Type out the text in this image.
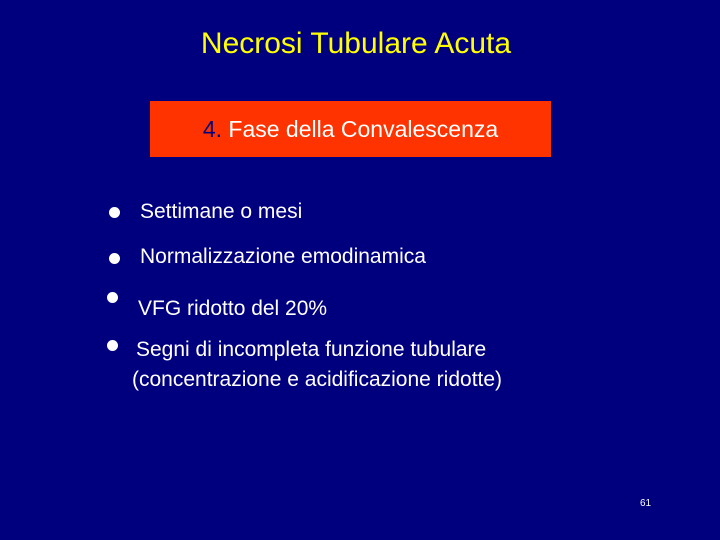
Necrosi Tubulare Acuta
4.
Fase della Convalescenza
Settimane o mesi
Normalizzazione emodinamica
VFG ridotto del 20%
Segni di incompleta funzione tubulare
(concentrazione e acidificazione ridotte)
61
